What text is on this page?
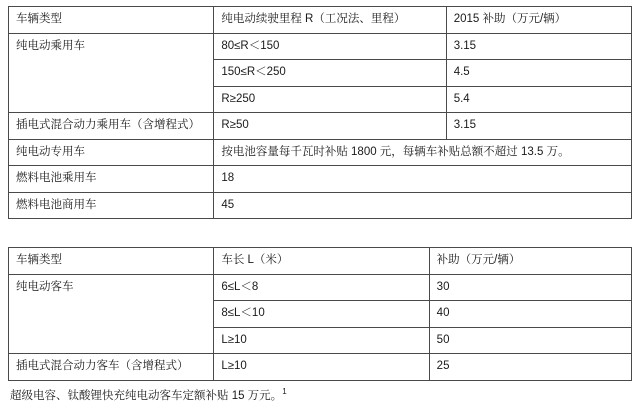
车辆类型	纯电动续驶里程 R（工况法、里程）	2015 补助（万元/辆）
纯电动乘用车	80≤R＜150	3.15
	150≤R＜250	4.5
	R≥250	5.4
插电式混合动力乘用车（含增程式）	R≥50	3.15
纯电动专用车	按电池容量每千瓦时补贴 1800 元，每辆车补贴总额不超过 13.5 万。	
燃料电池乘用车	18	
燃料电池商用车	45	
车辆类型	车长 L（米）	补助（万元/辆）
纯电动客车	6≤L＜8	30
	8≤L＜10	40
	L≥10	50
插电式混合动力客车（含增程式）	L≥10	25
超级电容、钛酸锂快充纯电动客车定额补贴 15 万元。$^1$
